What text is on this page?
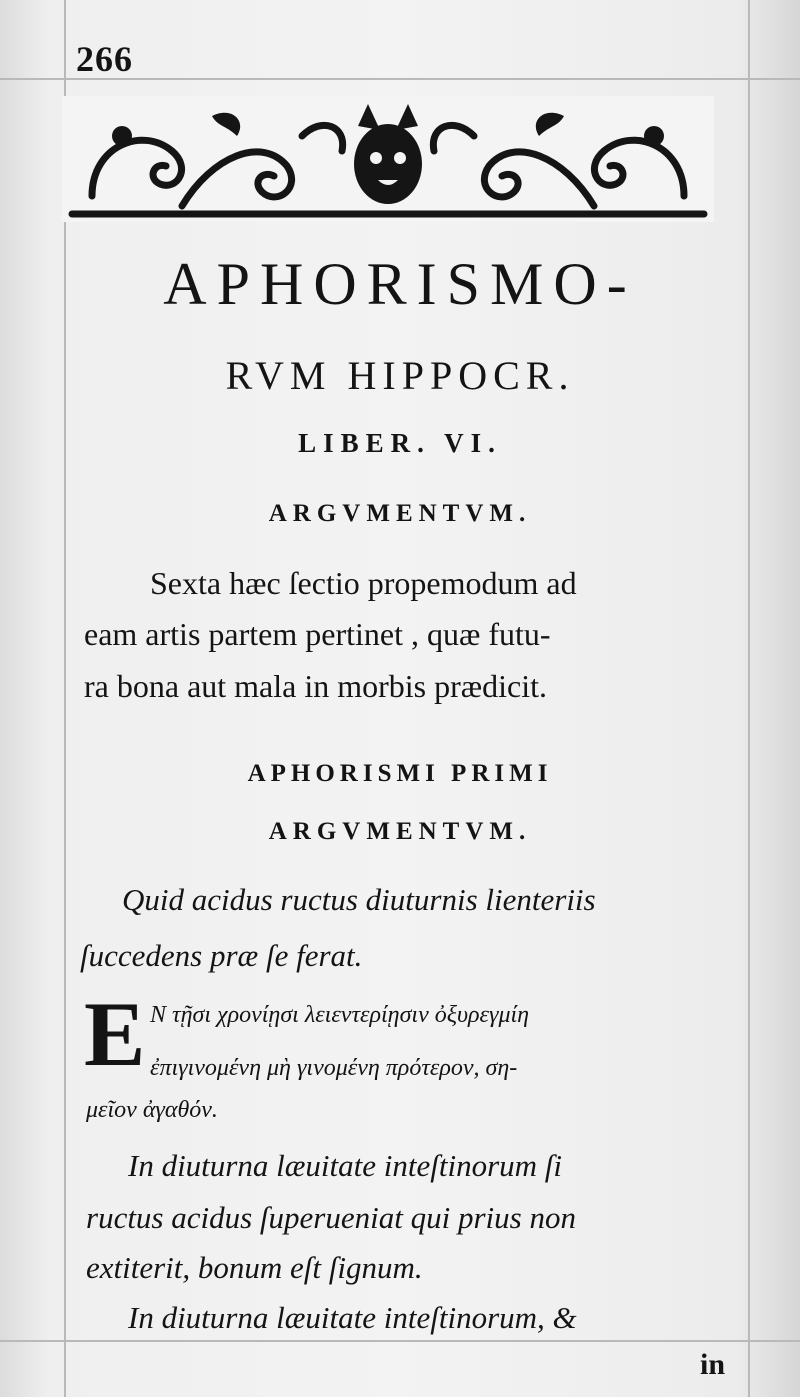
266
APHORISMO-
RVM HIPPOCR.
LIBER. VI.
ARGVMENTVM.
Sexta hæc ſectio propemodum ad
eam artis partem pertinet , quæ futu-
ra bona aut mala in morbis prædicit.
APHORISMI PRIMI
ARGVMENTVM.
Quid acidus ructus diuturnis lienteriis
ſuccedens præ ſe ferat.
E N τῇσι χρονίῃσι λειεντερίῃσιν ὀξυρεγμίη
ἐπιγινομένη μὴ γινομένη πρότερον, ση-
μεῖον ἀγαθόν.
In diuturna læuitate inteſtinorum ſi
ructus acidus ſuperueniat qui prius non
extiterit, bonum eſt ſignum.
In diuturna læuitate inteſtinorum, &
in
